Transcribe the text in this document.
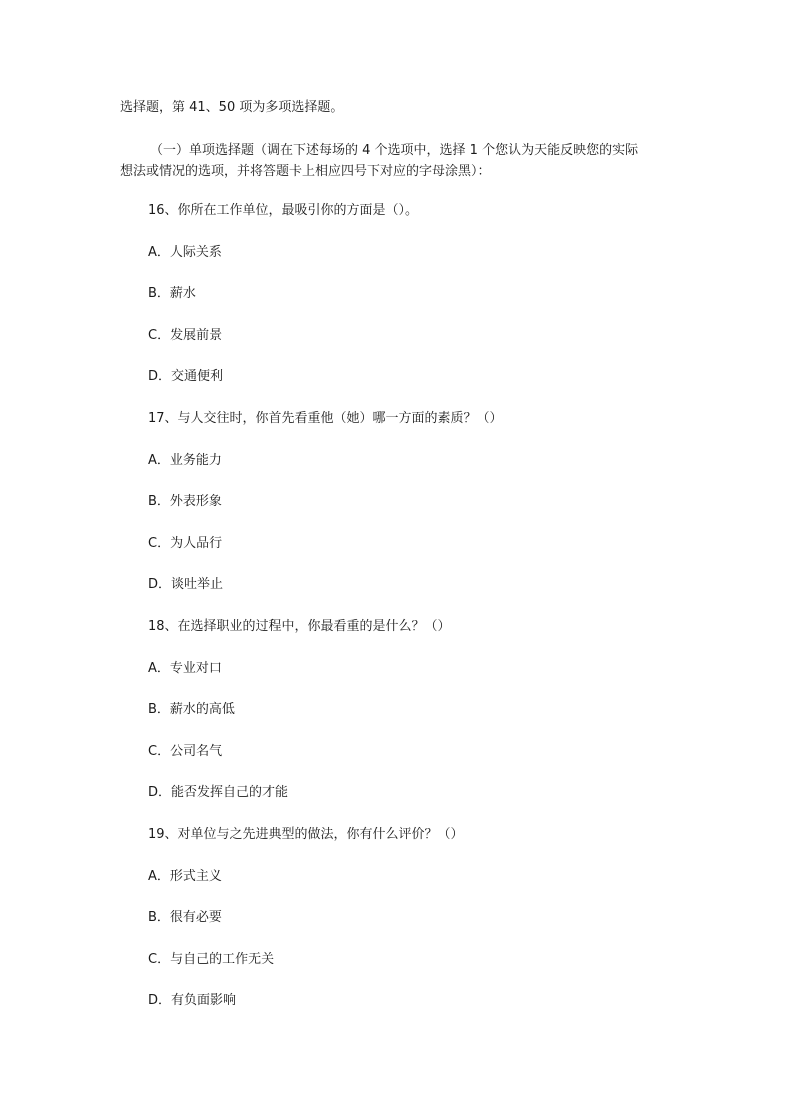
选择题，第 41、50 项为多项选择题。
（一）单项选择题（调在下述每场的 4 个选项中，选择 1 个您认为天能反映您的实际
想法或情况的选项，并将答题卡上相应四号下对应的字母涂黑）：
16、你所在工作单位，最吸引你的方面是（）。
A．人际关系
B．薪水
C．发展前景
D．交通便利
17、与人交往时，你首先看重他（她）哪一方面的素质？（）
A．业务能力
B．外表形象
C．为人品行
D．谈吐举止
18、在选择职业的过程中，你最看重的是什么？（）
A．专业对口
B．薪水的高低
C．公司名气
D．能否发挥自己的才能
19、对单位与之先进典型的做法，你有什么评价？（）
A．形式主义
B．很有必要
C．与自己的工作无关
D．有负面影响
